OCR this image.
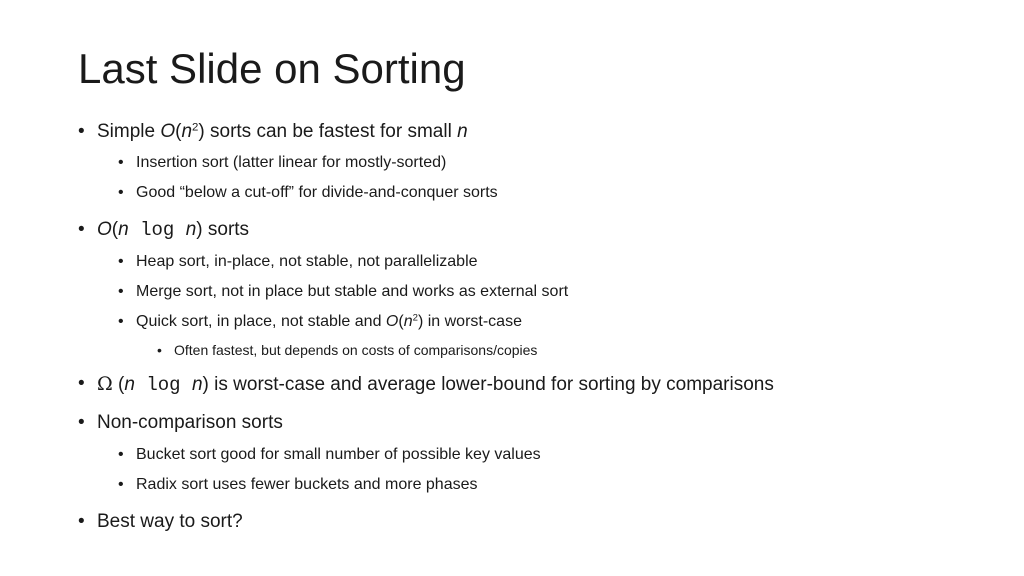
Last Slide on Sorting
• Simple $O(n^2)$ sorts can be fastest for small n
• Insertion sort (latter linear for mostly-sorted)
• Good “below a cut-off” for divide-and-conquer sorts
• O(n log n) sorts
• Heap sort, in-place, not stable, not parallelizable
• Merge sort, not in place but stable and works as external sort
• Quick sort, in place, not stable and $O(n^2)$ in worst-case
• Often fastest, but depends on costs of comparisons/copies
• Ω (n log n) is worst-case and average lower-bound for sorting by comparisons
• Non-comparison sorts
• Bucket sort good for small number of possible key values
• Radix sort uses fewer buckets and more phases
• Best way to sort?
